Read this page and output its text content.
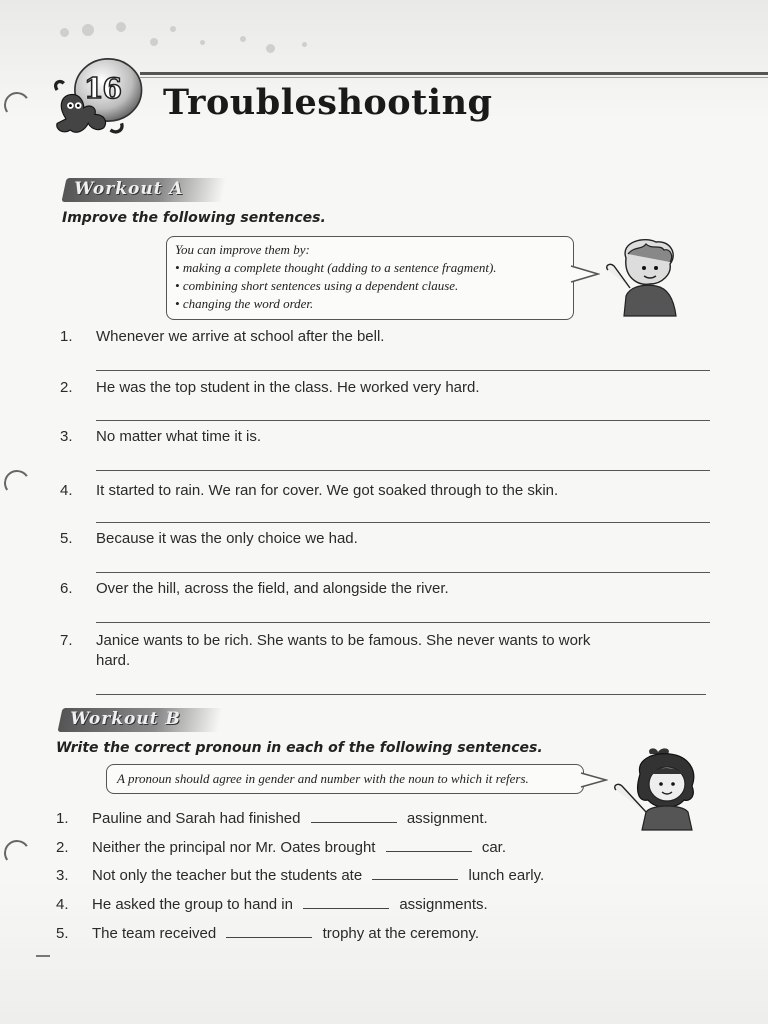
16 Troubleshooting
Workout A

Improve the following sentences.

You can improve them by:
• making a complete thought (adding to a sentence fragment).
• combining short sentences using a dependent clause.
• changing the word order.
1.	Whenever we arrive at school after the bell.
2.	He was the top student in the class. He worked very hard.
3.	No matter what time it is.
4.	It started to rain. We ran for cover. We got soaked through to the skin.
5.	Because it was the only choice we had.
6.	Over the hill, across the field, and alongside the river.
7.	Janice wants to be rich. She wants to be famous. She never wants to work
hard.
Workout B

Write the correct pronoun in each of the following sentences.

A pronoun should agree in gender and number with the noun to which it refers.
1.	Pauline and Sarah had finished	assignment.
2.	Neither the principal nor Mr. Oates brought	car.
3.	Not only the teacher but the students ate	lunch early.
4.	He asked the group to hand in	assignments.
5.	The team received	trophy at the ceremony.
